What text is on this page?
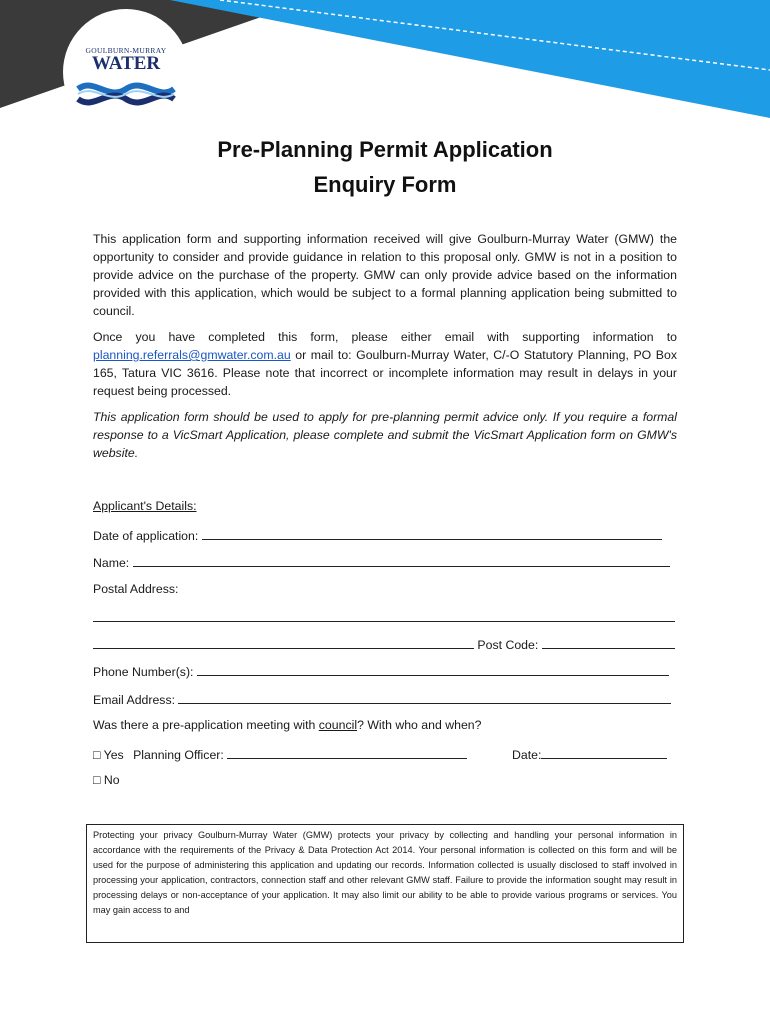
GOULBURN-MURRAY
WATER
Pre-Planning Permit Application
Enquiry Form
This application form and supporting information received will give Goulburn-Murray Water (GMW) the opportunity to consider and provide guidance in relation to this proposal only. GMW is not in a position to provide advice on the purchase of the property. GMW can only provide advice based on the information provided with this application, which would be subject to a formal planning application being submitted to council.
Once you have completed this form, please either email with supporting information to planning.referrals@gmwater.com.au or mail to: Goulburn-Murray Water, C/-O Statutory Planning, PO Box 165, Tatura VIC 3616. Please note that incorrect or incomplete information may result in delays in your request being processed.
This application form should be used to apply for pre-planning permit advice only. If you require a formal response to a VicSmart Application, please complete and submit the VicSmart Application form on GMW's website.
Applicant's Details:
Date of application:
Name:
Postal Address:
Post Code:
Phone Number(s):
Email Address:
Was there a pre-application meeting with council? With who and when?
□ Yes Planning Officer:	Date:
□ No
Protecting your privacy Goulburn-Murray Water (GMW) protects your privacy by collecting and handling your personal information in accordance with the requirements of the Privacy & Data Protection Act 2014. Your personal information is collected on this form and will be used for the purpose of administering this application and updating our records. Information collected is usually disclosed to staff involved in processing your application, contractors, connection staff and other relevant GMW staff. Failure to provide the information sought may result in processing delays or non-acceptance of your application. It may also limit our ability to be able to provide various programs or services. You may gain access to and
